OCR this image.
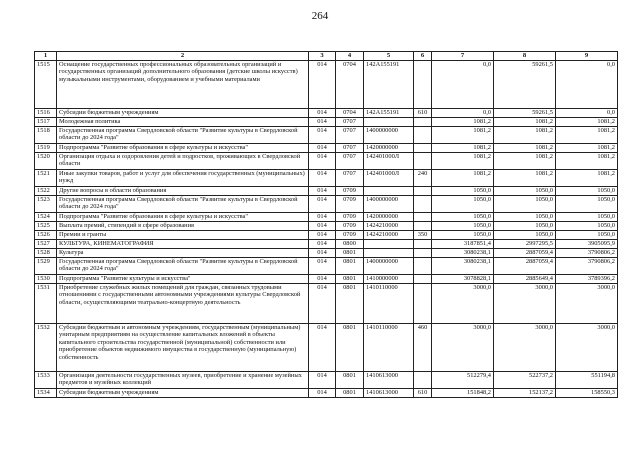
264
1	2	3	4	5	6	7	8	9
1515	Оснащение государственных профессиональных образовательных организаций и государственных организаций дополнительного образования (детские школы искусств) музыкальными инструментами, оборудованием и учебными материалами	014	0704	142A155191		0,0	59261,5	0,0
1516	Субсидии бюджетным учреждениям	014	0704	142A155191	610	0,0	59261,5	0,0
1517	Молодежная политика	014	0707			1081,2	1081,2	1081,2
1518	Государственная программа Свердловской области "Развитие культуры в Свердловской области до 2024 года"	014	0707	1400000000		1081,2	1081,2	1081,2
1519	Подпрограмма "Развитие образования в сфере культуры и искусства"	014	0707	1420000000		1081,2	1081,2	1081,2
1520	Организация отдыха и оздоровления детей и подростков, проживающих в Свердловской области	014	0707	142401000Л		1081,2	1081,2	1081,2
1521	Иные закупки товаров, работ и услуг для обеспечения государственных (муниципальных) нужд	014	0707	142401000Л	240	1081,2	1081,2	1081,2
1522	Другие вопросы в области образования	014	0709			1050,0	1050,0	1050,0
1523	Государственная программа Свердловской области "Развитие культуры в Свердловской области до 2024 года"	014	0709	1400000000		1050,0	1050,0	1050,0
1524	Подпрограмма "Развитие образования в сфере культуры и искусства"	014	0709	1420000000		1050,0	1050,0	1050,0
1525	Выплата премий, стипендий в сфере образования	014	0709	1424210000		1050,0	1050,0	1050,0
1526	Премии и гранты	014	0709	1424210000	350	1050,0	1050,0	1050,0
1527	КУЛЬТУРА, КИНЕМАТОГРАФИЯ	014	0800			3187851,4	2997295,5	3905095,9
1528	Культура	014	0801			3080238,1	2887059,4	3790806,2
1529	Государственная программа Свердловской области "Развитие культуры в Свердловской области до 2024 года"	014	0801	1400000000		3080238,1	2887059,4	3790806,2
1530	Подпрограмма "Развитие культуры и искусства"	014	0801	1410000000		3078828,1	2885649,4	3789396,2
1531	Приобретение служебных жилых помещений для граждан, связанных трудовыми отношениями с государственными автономными учреждениями культуры Свердловской области, осуществляющими театрально-концертную деятельность	014	0801	1410110000		3000,0	3000,0	3000,0
1532	Субсидии бюджетным и автономным учреждениям, государственным (муниципальным) унитарным предприятиям на осуществление капитальных вложений в объекты капитального строительства государственной (муниципальной) собственности или приобретение объектов недвижимого имущества в государственную (муниципальную) собственность	014	0801	1410110000	460	3000,0	3000,0	3000,0
1533	Организация деятельности государственных музеев, приобретение и хранение музейных предметов и музейных коллекций	014	0801	1410613000		512279,4	522737,2	551194,8
1534	Субсидии бюджетным учреждениям	014	0801	1410613000	610	151848,2	152137,2	158550,3
